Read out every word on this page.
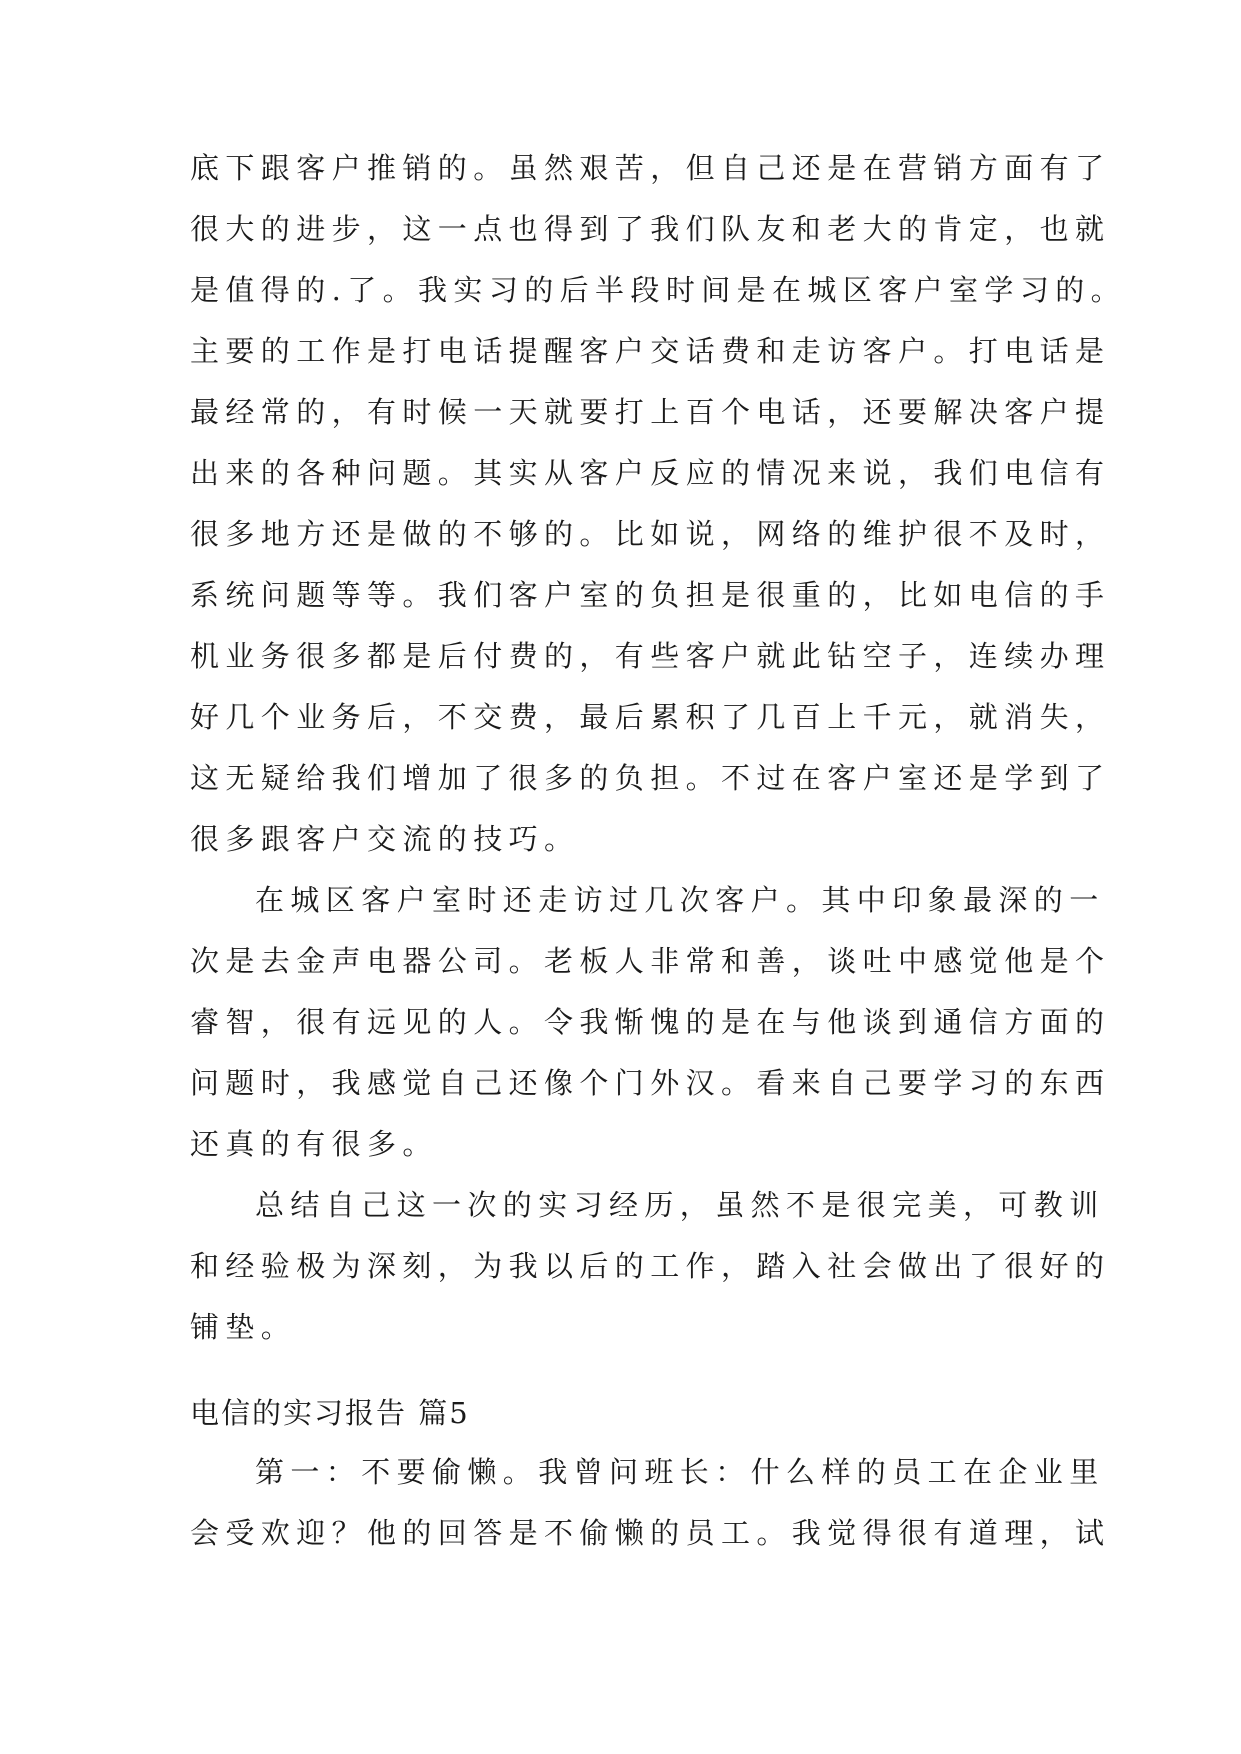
底下跟客户推销的。虽然艰苦，但自己还是在营销方面有了
很大的进步，这一点也得到了我们队友和老大的肯定，也就
是值得的.了。我实习的后半段时间是在城区客户室学习的。
主要的工作是打电话提醒客户交话费和走访客户。打电话是
最经常的，有时候一天就要打上百个电话，还要解决客户提
出来的各种问题。其实从客户反应的情况来说，我们电信有
很多地方还是做的不够的。比如说，网络的维护很不及时，
系统问题等等。我们客户室的负担是很重的，比如电信的手
机业务很多都是后付费的，有些客户就此钻空子，连续办理
好几个业务后，不交费，最后累积了几百上千元，就消失，
这无疑给我们增加了很多的负担。不过在客户室还是学到了
很多跟客户交流的技巧。
在城区客户室时还走访过几次客户。其中印象最深的一
次是去金声电器公司。老板人非常和善，谈吐中感觉他是个
睿智，很有远见的人。令我惭愧的是在与他谈到通信方面的
问题时，我感觉自己还像个门外汉。看来自己要学习的东西
还真的有很多。
总结自己这一次的实习经历，虽然不是很完美，可教训
和经验极为深刻，为我以后的工作，踏入社会做出了很好的
铺垫。
电信的实习报告 篇5
第一：不要偷懒。我曾问班长：什么样的员工在企业里
会受欢迎？他的回答是不偷懒的员工。我觉得很有道理，试
